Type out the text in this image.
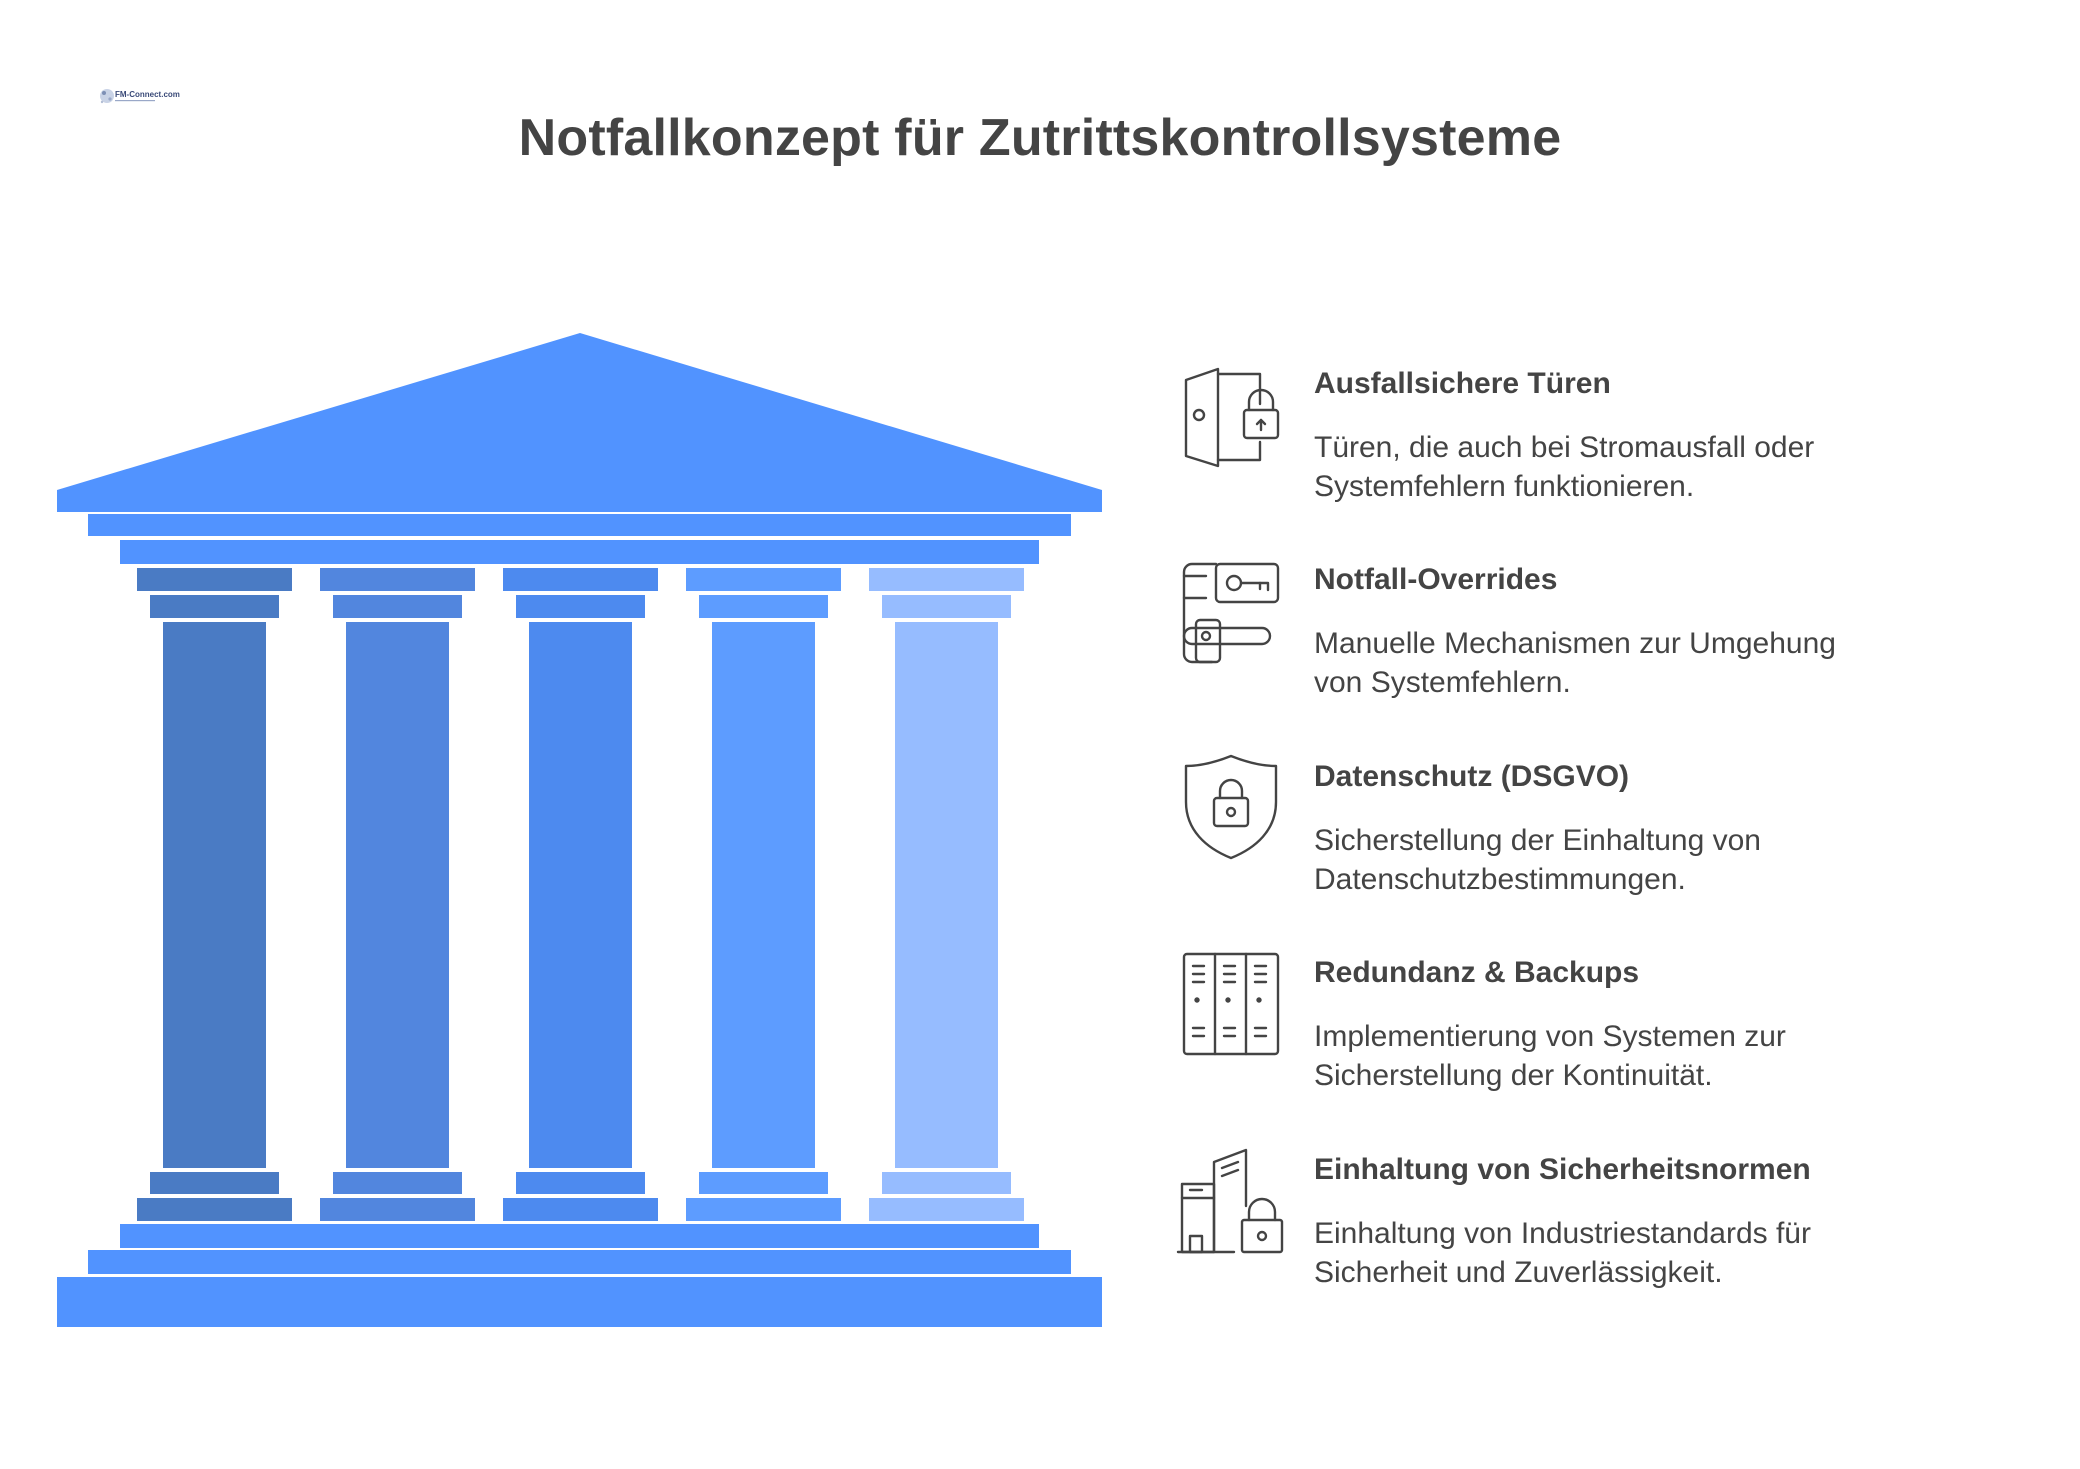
FM-Connect.com
Notfallkonzept für Zutrittskontrollsysteme
Ausfallsichere Türen
Türen, die auch bei Stromausfall oder Systemfehlern funktionieren.
Notfall-Overrides
Manuelle Mechanismen zur Umgehung von Systemfehlern.
Datenschutz (DSGVO)
Sicherstellung der Einhaltung von Datenschutzbestimmungen.
Redundanz & Backups
Implementierung von Systemen zur Sicherstellung der Kontinuität.
Einhaltung von Sicherheitsnormen
Einhaltung von Industriestandards für Sicherheit und Zuverlässigkeit.
